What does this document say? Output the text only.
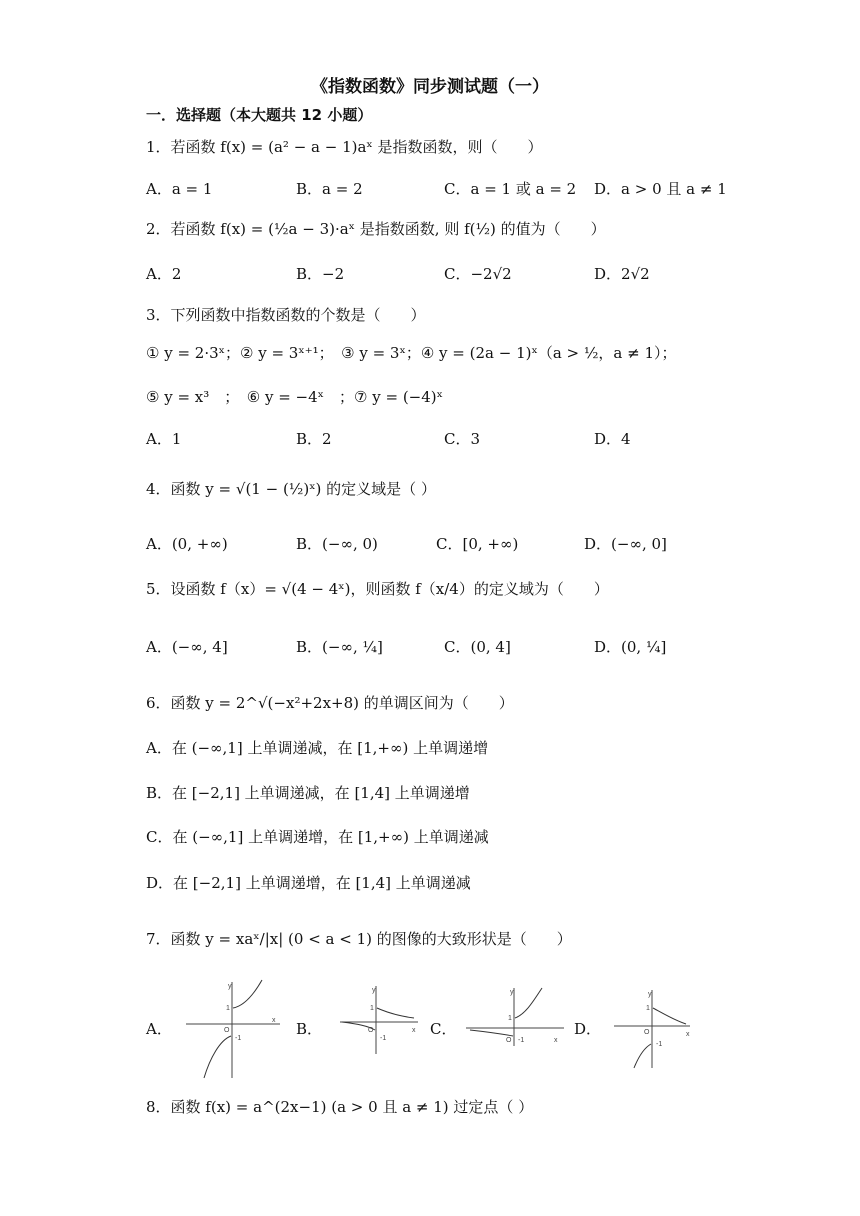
《指数函数》同步测试题（一）
一．选择题（本大题共 12 小题）
1．若函数 f(x) = (a² − a − 1)aˣ 是指数函数，则（　　）
A．a = 1	B．a = 2	C．a = 1 或 a = 2 D．a > 0 且 a ≠ 1
2．若函数 f(x) = (½a − 3)·aˣ 是指数函数, 则 f(½) 的值为（　　）
A．2	B．−2	C．−2√2	D．2√2
3．下列函数中指数函数的个数是（　　）
① y = 2·3ˣ；② y = 3ˣ⁺¹；　③ y = 3ˣ；④ y = (2a − 1)ˣ（a > ½，a ≠ 1）；
⑤ y = x³　；　⑥ y = −4ˣ　；⑦ y = (−4)ˣ
A．1	B．2	C．3	D．4
4．函数 y = √(1 − (½)ˣ) 的定义域是（ ）
A．(0, +∞)	B．(−∞, 0)	C．[0, +∞)	D．(−∞, 0]
5．设函数 f（x）= √(4 − 4ˣ)，则函数 f（x/4）的定义域为（　　）
A．(−∞, 4]	B．(−∞, ¼]	C．(0, 4]	D．(0, ¼]
6．函数 y = 2^√(−x²+2x+8) 的单调区间为（　　）
A．在 (−∞,1] 上单调递减，在 [1,+∞) 上单调递增
B．在 [−2,1] 上单调递减，在 [1,4] 上单调递增
C．在 (−∞,1] 上单调递增，在 [1,+∞) 上单调递减
D．在 [−2,1] 上单调递增，在 [1,4] 上单调递减
7．函数 y = xaˣ/|x| (0 < a < 1) 的图像的大致形状是（　　）
A．
y
x
O
1
-1
B．
y
x
O
1
-1
C．
y
x
O
1
-1
D．
y
x
O
1
-1
8．函数 f(x) = a^(2x−1) (a > 0 且 a ≠ 1) 过定点（ ）
